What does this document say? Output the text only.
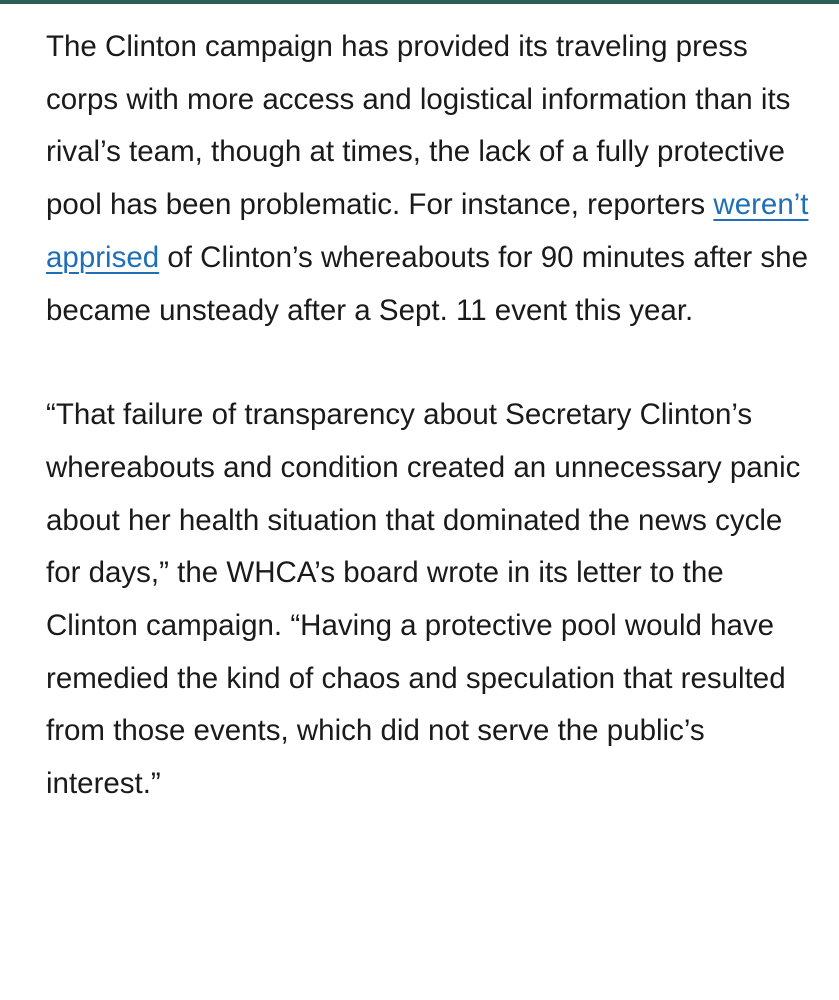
The Clinton campaign has provided its traveling press corps with more access and logistical information than its rival’s team, though at times, the lack of a fully protective pool has been problematic. For instance, reporters weren’t apprised of Clinton’s whereabouts for 90 minutes after she became unsteady after a Sept. 11 event this year.

“That failure of transparency about Secretary Clinton’s whereabouts and condition created an unnecessary panic about her health situation that dominated the news cycle for days,” the WHCA’s board wrote in its letter to the Clinton campaign. “Having a protective pool would have remedied the kind of chaos and speculation that resulted from those events, which did not serve the public’s interest.”
